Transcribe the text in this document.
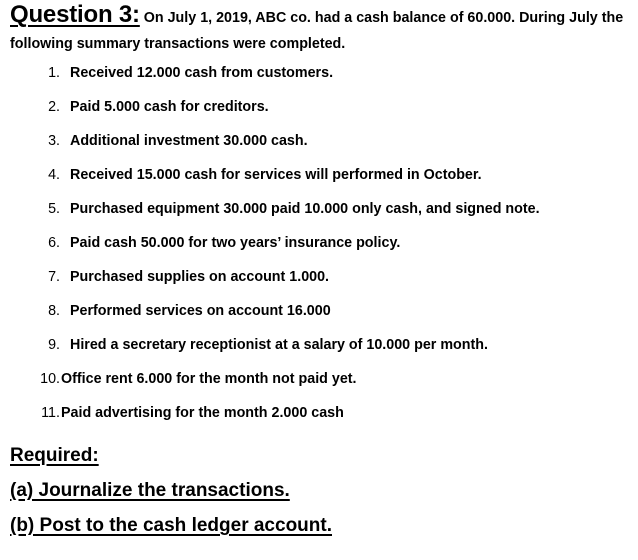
Question 3: On July 1, 2019, ABC co. had a cash balance of 60.000. During July the following summary transactions were completed.

1. Received 12.000 cash from customers.
2. Paid 5.000 cash for creditors.
3. Additional investment 30.000 cash.
4. Received 15.000 cash for services will performed in October.
5. Purchased equipment 30.000 paid 10.000 only cash, and signed note.
6. Paid cash 50.000 for two years’ insurance policy.
7. Purchased supplies on account 1.000.
8. Performed services on account 16.000
9. Hired a secretary receptionist at a salary of 10.000 per month.
10. Office rent 6.000 for the month not paid yet.
11. Paid advertising for the month 2.000 cash
Required:
(a) Journalize the transactions.
(b) Post to the cash ledger account.
